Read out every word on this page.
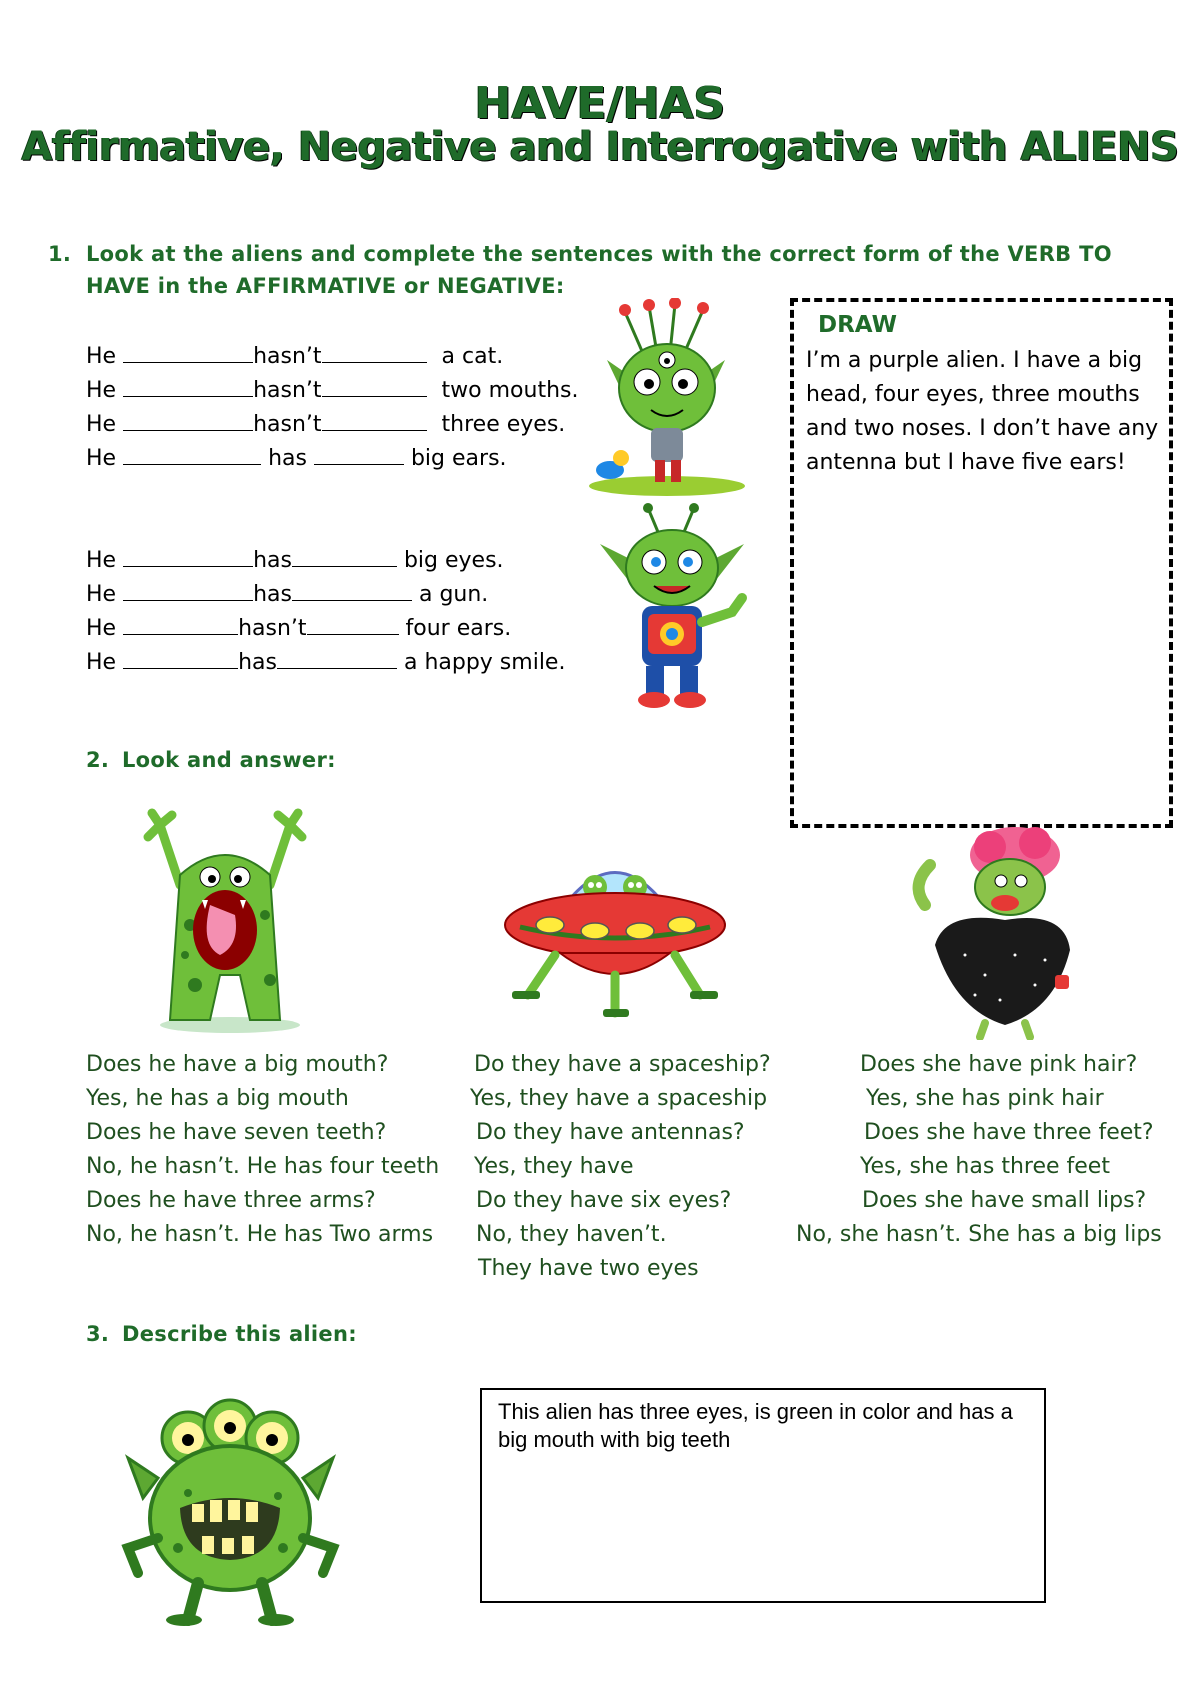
HAVE/HAS
Affirmative, Negative and Interrogative with ALIENS
1. Look at the aliens and complete the sentences with the correct form of the VERB TO
HAVE in the AFFIRMATIVE or NEGATIVE:
He	hasn’t	a cat.
He	hasn’t	two mouths.
He	hasn’t	three eyes.
He	has	big ears.
He	has	big eyes.
He	has	a gun.
He	hasn’t	four ears.
He	has	a happy smile.
DRAW
I’m a purple alien. I have a big head, four eyes, three mouths and two noses. I don’t have any antenna but I have five ears!
2. Look and answer:
Does he have a big mouth?
Yes, he has a big mouth
Does he have seven teeth?
No, he hasn’t. He has four teeth
Does he have three arms?
No, he hasn’t. He has Two arms
Do they have a spaceship?
Yes, they have a spaceship
Do they have antennas?
Yes, they have
Do they have six eyes?
No, they haven’t.
They have two eyes
Does she have pink hair?
Yes, she has pink hair
Does she have three feet?
Yes, she has three feet
Does she have small lips?
No, she hasn’t. She has a big lips
3. Describe this alien:
This alien has three eyes, is green in color and has a big mouth with big teeth
